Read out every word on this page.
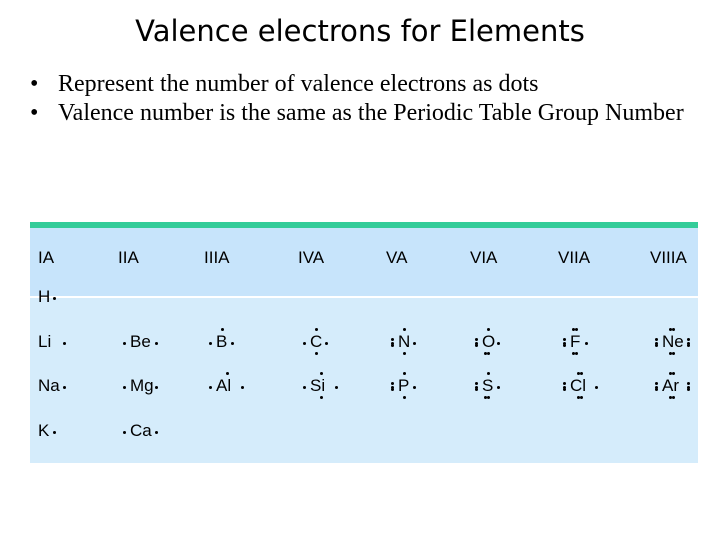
Valence electrons for Elements
• Represent the number of valence electrons as dots
• Valence number is the same as the Periodic Table Group Number
IA	IIA	IIIA	IVA	VA	VIA	VIIA	VIIIA
H
Li	Be	B	C	N	O	F	Ne
Na	Mg	Al	Si	P	S	Cl	Ar
K	Ca
